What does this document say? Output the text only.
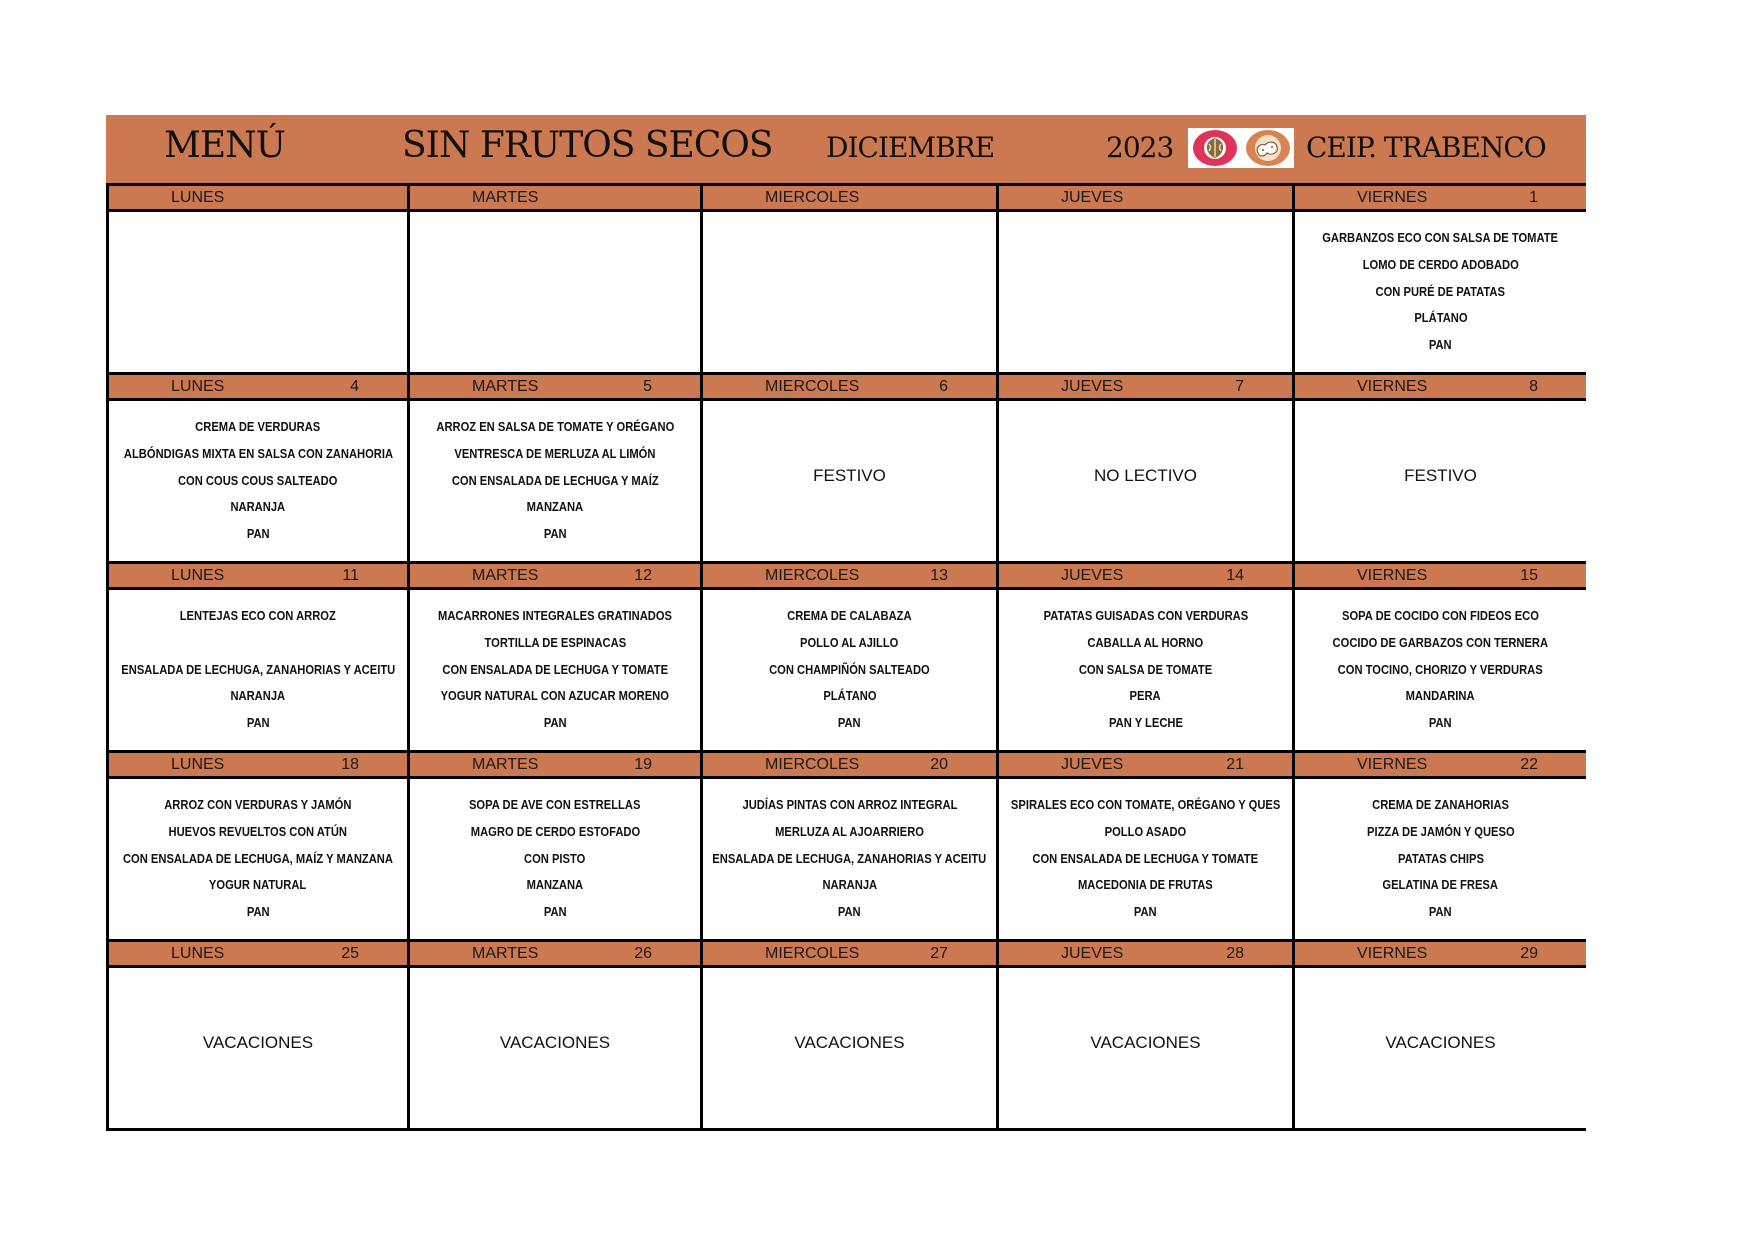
MENÚ	SIN FRUTOS SECOS DICIEMBRE	2023	CEIP. TRABENCO
LUNES	MARTES	MIERCOLES	JUEVES	VIERNES	1
GARBANZOS ECO CON SALSA DE TOMATE
LOMO DE CERDO ADOBADO
CON PURÉ DE PATATAS
PLÁTANO
PAN
LUNES	4
CREMA DE VERDURAS
ALBÓNDIGAS MIXTA EN SALSA CON ZANAHORIA
CON COUS COUS SALTEADO
NARANJA
PAN
MARTES	5
ARROZ EN SALSA DE TOMATE Y ORÉGANO
VENTRESCA DE MERLUZA AL LIMÓN
CON ENSALADA DE LECHUGA Y MAÍZ
MANZANA
PAN
MIERCOLES	6
FESTIVO
JUEVES	7
NO LECTIVO
VIERNES	8
FESTIVO
LUNES	11
LENTEJAS ECO CON ARROZ

ENSALADA DE LECHUGA, ZANAHORIAS Y ACEITU
NARANJA
PAN
MARTES	12
MACARRONES INTEGRALES GRATINADOS
TORTILLA DE ESPINACAS
CON ENSALADA DE LECHUGA Y TOMATE
YOGUR NATURAL CON AZUCAR MORENO
PAN
MIERCOLES	13
CREMA DE CALABAZA
POLLO AL AJILLO
CON CHAMPIÑÓN SALTEADO
PLÁTANO
PAN
JUEVES	14
PATATAS GUISADAS CON VERDURAS
CABALLA AL HORNO
CON SALSA DE TOMATE
PERA
PAN Y LECHE
VIERNES	15
SOPA DE COCIDO CON FIDEOS ECO
COCIDO DE GARBAZOS CON TERNERA
CON TOCINO, CHORIZO Y VERDURAS
MANDARINA
PAN
LUNES	18
ARROZ CON VERDURAS Y JAMÓN
HUEVOS REVUELTOS CON ATÚN
CON ENSALADA DE LECHUGA, MAÍZ Y MANZANA
YOGUR NATURAL
PAN
MARTES	19
SOPA DE AVE CON ESTRELLAS
MAGRO DE CERDO ESTOFADO
CON PISTO
MANZANA
PAN
MIERCOLES	20
JUDÍAS PINTAS CON ARROZ INTEGRAL
MERLUZA AL AJOARRIERO
ENSALADA DE LECHUGA, ZANAHORIAS Y ACEITU
NARANJA
PAN
JUEVES	21
SPIRALES ECO CON TOMATE, ORÉGANO Y QUES
POLLO ASADO
CON ENSALADA DE LECHUGA Y TOMATE
MACEDONIA DE FRUTAS
PAN
VIERNES	22
CREMA DE ZANAHORIAS
PIZZA DE JAMÓN Y QUESO
PATATAS CHIPS
GELATINA DE FRESA
PAN
LUNES	25
VACACIONES
MARTES	26
VACACIONES
MIERCOLES	27
VACACIONES
JUEVES	28
VACACIONES
VIERNES	29
VACACIONES
